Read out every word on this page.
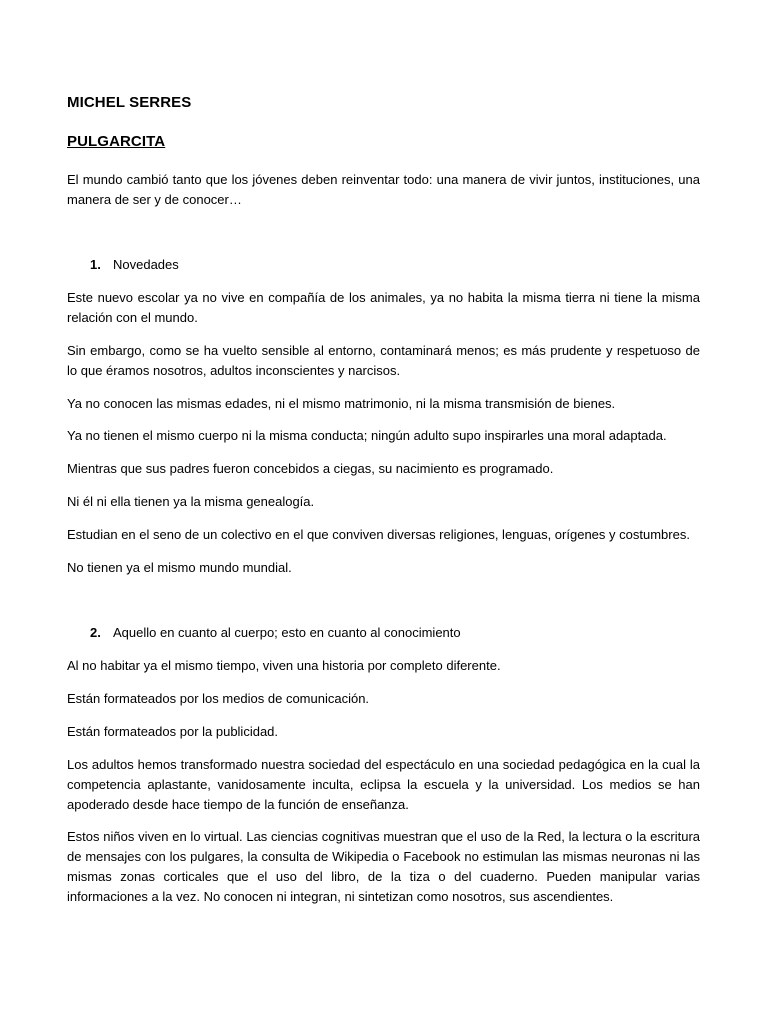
MICHEL SERRES
PULGARCITA

El mundo cambió tanto que los jóvenes deben reinventar todo: una manera de vivir juntos, instituciones, una manera de ser y de conocer…

1. Novedades

Este nuevo escolar ya no vive en compañía de los animales, ya no habita la misma tierra ni tiene la misma relación con el mundo.

Sin embargo, como se ha vuelto sensible al entorno, contaminará menos; es más prudente y respetuoso de lo que éramos nosotros, adultos inconscientes y narcisos.

Ya no conocen las mismas edades, ni el mismo matrimonio, ni la misma transmisión de bienes.

Ya no tienen el mismo cuerpo ni la misma conducta; ningún adulto supo inspirarles una moral adaptada.

Mientras que sus padres fueron concebidos a ciegas, su nacimiento es programado.

Ni él ni ella tienen ya la misma genealogía.

Estudian en el seno de un colectivo en el que conviven diversas religiones, lenguas, orígenes y costumbres.

No tienen ya el mismo mundo mundial.

2. Aquello en cuanto al cuerpo; esto en cuanto al conocimiento

Al no habitar ya el mismo tiempo, viven una historia por completo diferente.

Están formateados por los medios de comunicación.

Están formateados por la publicidad.

Los adultos hemos transformado nuestra sociedad del espectáculo en una sociedad pedagógica en la cual la competencia aplastante, vanidosamente inculta, eclipsa la escuela y la universidad. Los medios se han apoderado desde hace tiempo de la función de enseñanza.

Estos niños viven en lo virtual. Las ciencias cognitivas muestran que el uso de la Red, la lectura o la escritura de mensajes con los pulgares, la consulta de Wikipedia o Facebook no estimulan las mismas neuronas ni las mismas zonas corticales que el uso del libro, de la tiza o del cuaderno. Pueden manipular varias informaciones a la vez. No conocen ni integran, ni sintetizan como nosotros, sus ascendientes.
